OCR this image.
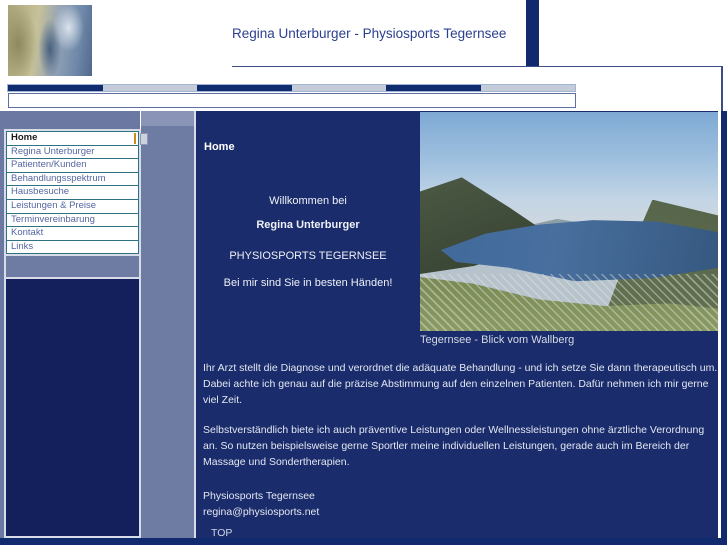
Regina Unterburger - Physiosports Tegernsee
Home
Regina Unterburger
Patienten/Kunden
Behandlungsspektrum
Hausbesuche
Leistungen & Preise
Terminvereinbarung
Kontakt
Links
Home
Willkommen bei
Regina Unterburger
PHYSIOSPORTS TEGERNSEE
Bei mir sind Sie in besten Händen!
Tegernsee - Blick vom Wallberg
Ihr Arzt stellt die Diagnose und verordnet die adäquate Behandlung - und ich setze Sie dann therapeutisch um. Dabei achte ich genau auf die präzise Abstimmung auf den einzelnen Patienten. Dafür nehmen ich mir gerne viel Zeit.
Selbstverständlich biete ich auch präventive Leistungen oder Wellnessleistungen ohne ärztliche Verordnung an. So nutzen beispielsweise gerne Sportler meine individuellen Leistungen, gerade auch im Bereich der Massage und Sondertherapien.
Physiosports Tegernsee
regina@physiosports.net
TOP
